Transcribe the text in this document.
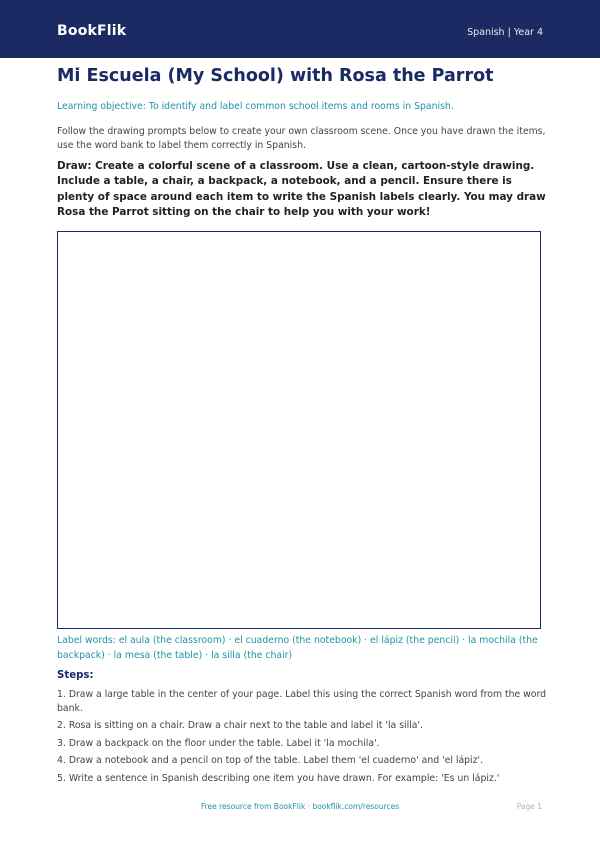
BookFlik	Spanish | Year 4
Mi Escuela (My School) with Rosa the Parrot
Learning objective: To identify and label common school items and rooms in Spanish.
Follow the drawing prompts below to create your own classroom scene. Once you have drawn the items, use the word bank to label them correctly in Spanish.
Draw: Create a colorful scene of a classroom. Use a clean, cartoon-style drawing. Include a table, a chair, a backpack, a notebook, and a pencil. Ensure there is plenty of space around each item to write the Spanish labels clearly. You may draw Rosa the Parrot sitting on the chair to help you with your work!
Label words: el aula (the classroom) · el cuaderno (the notebook) · el lápiz (the pencil) · la mochila (the backpack) · la mesa (the table) · la silla (the chair)
Steps:
1. Draw a large table in the center of your page. Label this using the correct Spanish word from the word bank.
2. Rosa is sitting on a chair. Draw a chair next to the table and label it 'la silla'.
3. Draw a backpack on the floor under the table. Label it 'la mochila'.
4. Draw a notebook and a pencil on top of the table. Label them 'el cuaderno' and 'el lápiz'.
5. Write a sentence in Spanish describing one item you have drawn. For example: 'Es un lápiz.'
Free resource from BookFlik · bookflik.com/resources	Page 1
